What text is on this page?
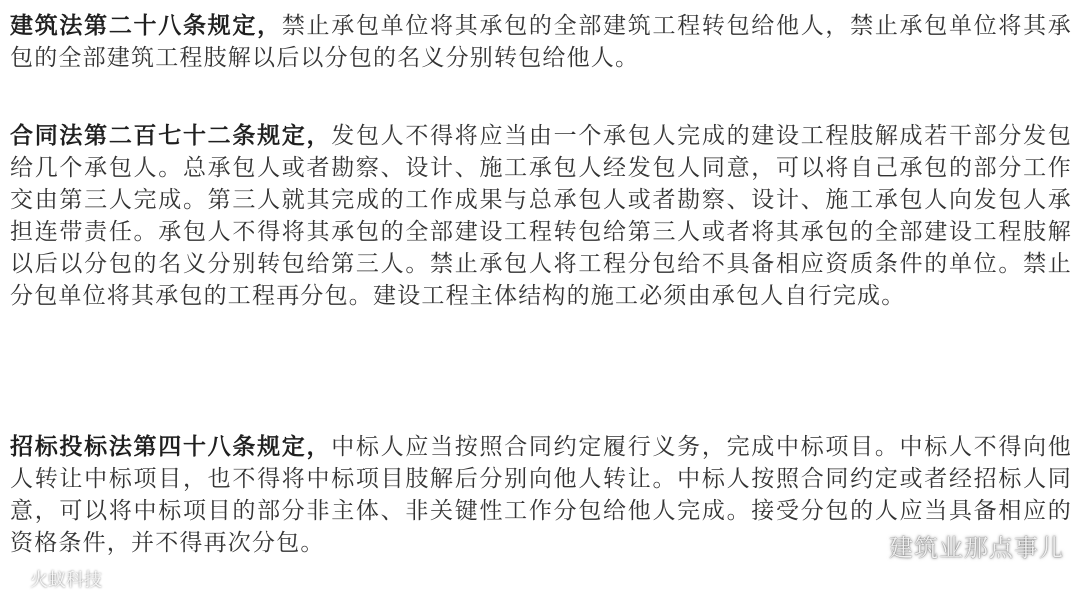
建筑法第二十八条规定，禁止承包单位将其承包的全部建筑工程转包给他人，禁止承包单位将其承包的全部建筑工程肢解以后以分包的名义分别转包给他人。

合同法第二百七十二条规定，发包人不得将应当由一个承包人完成的建设工程肢解成若干部分发包给几个承包人。总承包人或者勘察、设计、施工承包人经发包人同意，可以将自己承包的部分工作交由第三人完成。第三人就其完成的工作成果与总承包人或者勘察、设计、施工承包人向发包人承担连带责任。承包人不得将其承包的全部建设工程转包给第三人或者将其承包的全部建设工程肢解以后以分包的名义分别转包给第三人。禁止承包人将工程分包给不具备相应资质条件的单位。禁止分包单位将其承包的工程再分包。建设工程主体结构的施工必须由承包人自行完成。

招标投标法第四十八条规定，中标人应当按照合同约定履行义务，完成中标项目。中标人不得向他人转让中标项目，也不得将中标项目肢解后分别向他人转让。中标人按照合同约定或者经招标人同意，可以将中标项目的部分非主体、非关键性工作分包给他人完成。接受分包的人应当具备相应的资格条件，并不得再次分包。	建筑业那点事儿
火蚁科技
